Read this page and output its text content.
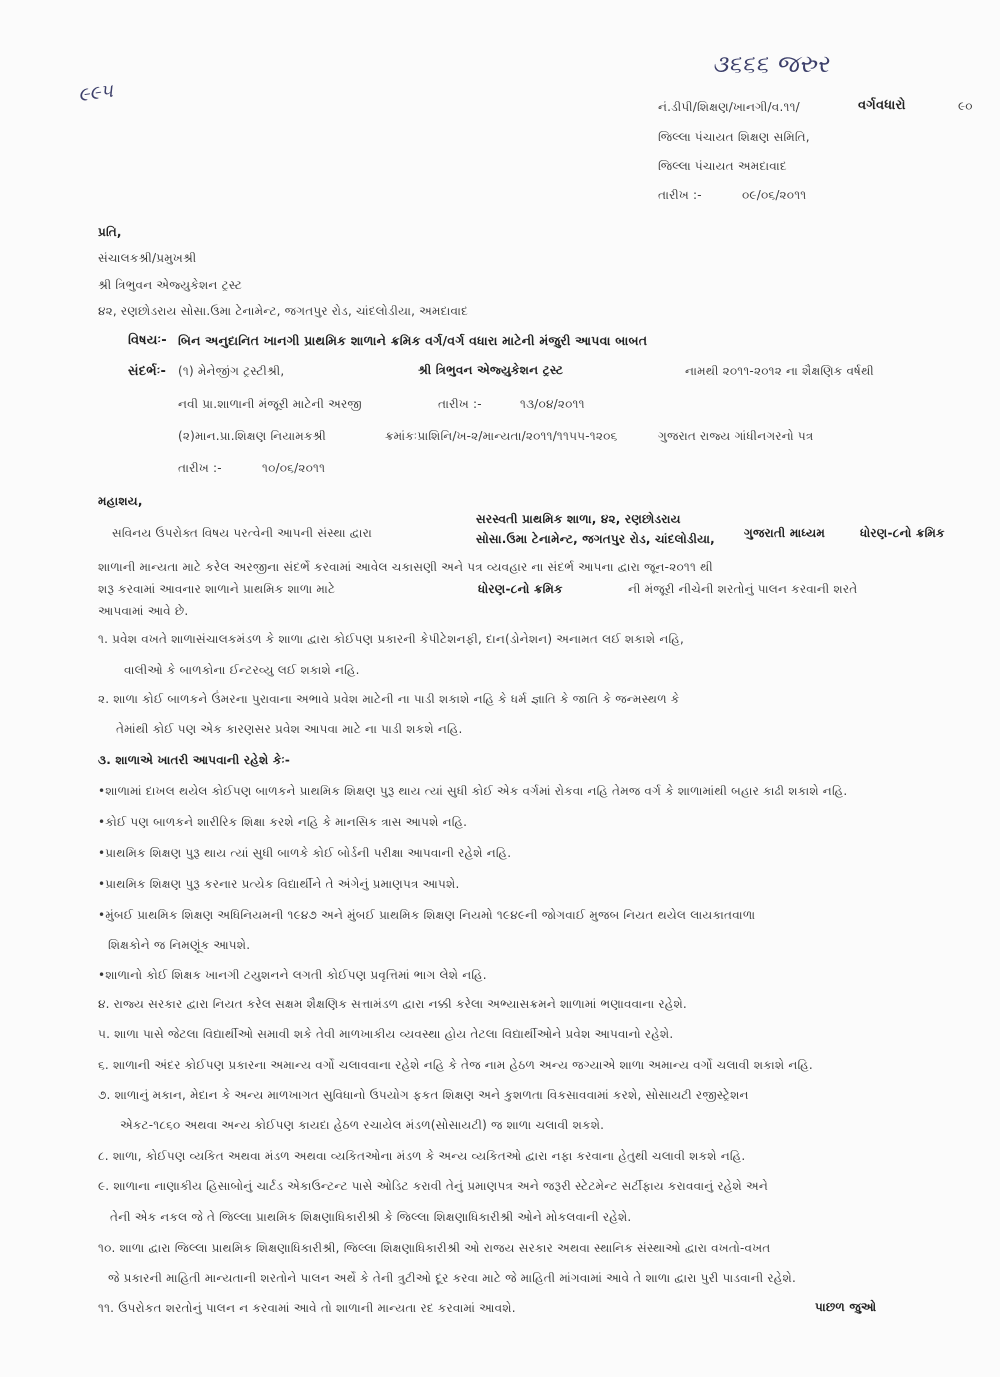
૩૬૬૬ જરુર
૯૯૫
નં.ડીપી/શિક્ષણ/ખાનગી/વ.૧૧/	વર્ગવધારો	૯૦
જિલ્લા પંચાયત શિક્ષણ સમિતિ,
જિલ્લા પંચાયત અમદાવાદ
તારીખ :-	૦૯/૦૬/૨૦૧૧
પ્રતિ,
સંચાલકશ્રી/પ્રમુખશ્રી
શ્રી ત્રિભુવન એજ્યુકેશન ટ્રસ્ટ
૪૨, રણછોડરાય સોસા.ઉમા ટેનામેન્ટ, જગતપુર રોડ, ચાંદલોડીયા, અમદાવાદ
વિષયઃ- બિન અનુદાનિત ખાનગી પ્રાથમિક શાળાને ક્રમિક વર્ગ/વર્ગ વધારા માટેની મંજુરી આપવા બાબત
સંદર્ભઃ- (૧) મેનેજીંગ ટ્રસ્ટીશ્રી,	શ્રી ત્રિભુવન એજ્યુકેશન ટ્રસ્ટ	નામથી ૨૦૧૧-૨૦૧૨ ના શૈક્ષણિક વર્ષથી
નવી પ્રા.શાળાની મંજૂરી માટેની અરજી	તારીખ :-	૧૩/૦૪/૨૦૧૧
(૨)માન.પ્રા.શિક્ષણ નિયામકશ્રી	ક્રમાંકઃપ્રાશિનિ/ખ-૨/માન્યતા/૨૦૧૧/૧૧૫૫-૧૨૦૬	ગુજરાત રાજ્ય ગાંધીનગરનો પત્ર
તારીખ :-	૧૦/૦૬/૨૦૧૧
મહાશય,
સવિનય ઉપરોક્ત વિષય પરત્વેની આપની સંસ્થા દ્વારા
સરસ્વતી પ્રાથમિક શાળા, ૪૨, રણછોડરાય
સોસા.ઉમા ટેનામેન્ટ, જગતપુર રોડ, ચાંદલોડીયા, ગુજરાતી માધ્યમ	ધોરણ-૮નો ક્રમિક
શાળાની માન્યતા માટે કરેલ અરજીના સંદર્ભે કરવામાં આવેલ ચકાસણી અને પત્ર વ્યવહાર ના સંદર્ભ આપના દ્વારા જૂન-૨૦૧૧ થી
શરૂ કરવામાં આવનાર શાળાને પ્રાથમિક શાળા માટે	ધોરણ-૮નો ક્રમિક	ની મંજૂરી નીચેની શરતોનું પાલન કરવાની શરતે
આપવામાં આવે છે.
૧. પ્રવેશ વખતે શાળાસંચાલકમંડળ કે શાળા દ્વારા કોઈપણ પ્રકારની કેપીટેશનફી, દાન(ડોનેશન) અનામત લઈ શકાશે નહિ,
વાલીઓ કે બાળકોના ઈન્ટરવ્યુ લઈ શકાશે નહિ.
૨. શાળા કોઈ બાળકને ઉંમરના પુરાવાના અભાવે પ્રવેશ માટેની ના પાડી શકાશે નહિ કે ધર્મ જ્ઞાતિ કે જાતિ કે જન્મસ્થળ કે
તેમાંથી કોઈ પણ એક કારણસર પ્રવેશ આપવા માટે ના પાડી શકશે નહિ.
૩. શાળાએ ખાતરી આપવાની રહેશે કેઃ-
•શાળામાં દાખલ થયેલ કોઈપણ બાળકને પ્રાથમિક શિક્ષણ પુરૂ થાય ત્યાં સુધી કોઈ એક વર્ગમાં રોકવા નહિ તેમજ વર્ગ કે શાળામાંથી બહાર કાઢી શકાશે નહિ.
•કોઈ પણ બાળકને શારીરિક શિક્ષા કરશે નહિ કે માનસિક ત્રાસ આપશે નહિ.
•પ્રાથમિક શિક્ષણ પુરૂ થાય ત્યાં સુધી બાળકે કોઈ બોર્ડની પરીક્ષા આપવાની રહેશે નહિ.
•પ્રાથમિક શિક્ષણ પુરૂ કરનાર પ્રત્યેક વિદ્યાર્થીને તે અંગેનું પ્રમાણપત્ર આપશે.
•મુંબઈ પ્રાથમિક શિક્ષણ અધિનિયમની ૧૯૪૭ અને મુંબઈ પ્રાથમિક શિક્ષણ નિયમો ૧૯૪૯ની જોગવાઈ મુજબ નિયત થયેલ લાયકાતવાળા
શિક્ષકોને જ નિમણૂંક આપશે.
•શાળાનો કોઈ શિક્ષક ખાનગી ટયુશનને લગતી કોઈપણ પ્રવૃત્તિમાં ભાગ લેશે નહિ.
૪. રાજ્ય સરકાર દ્વારા નિયત કરેલ સક્ષમ શૈક્ષણિક સત્તામંડળ દ્વારા નક્કી કરેલા અભ્યાસક્રમને શાળામાં ભણાવવાના રહેશે.
૫. શાળા પાસે જેટલા વિદ્યાર્થીઓ સમાવી શકે તેવી માળખાકીય વ્યવસ્થા હોય તેટલા વિદ્યાર્થીઓને પ્રવેશ આપવાનો રહેશે.
૬. શાળાની અંદર કોઈપણ પ્રકારના અમાન્ય વર્ગો ચલાવવાના રહેશે નહિ કે તેજ નામ હેઠળ અન્ય જગ્યાએ શાળા અમાન્ય વર્ગો ચલાવી શકાશે નહિ.
૭. શાળાનું મકાન, મેદાન કે અન્ય માળખાગત સુવિધાનો ઉપયોગ ફકત શિક્ષણ અને કુશળતા વિકસાવવામાં કરશે, સોસાયટી રજીસ્ટ્રેશન
એકટ-૧૮૬૦ અથવા અન્ય કોઈપણ કાયદા હેઠળ રચાયેલ મંડળ(સોસાયટી) જ શાળા ચલાવી શકશે.
૮. શાળા, કોઈપણ વ્યકિત અથવા મંડળ અથવા વ્યકિતઓના મંડળ કે અન્ય વ્યકિતઓ દ્વારા નફા કરવાના હેતુથી ચલાવી શકશે નહિ.
૯. શાળાના નાણાકીય હિસાબોનું ચાર્ટડ એકાઉન્ટન્ટ પાસે ઓડિટ કરાવી તેનું પ્રમાણપત્ર અને જરૂરી સ્ટેટમેન્ટ સર્ટીફાય કરાવવાનું રહેશે અને
તેની એક નકલ જે તે જિલ્લા પ્રાથમિક શિક્ષણાધિકારીશ્રી કે જિલ્લા શિક્ષણાધિકારીશ્રી ઓને મોકલવાની રહેશે.
૧૦. શાળા દ્વારા જિલ્લા પ્રાથમિક શિક્ષણાધિકારીશ્રી, જિલ્લા શિક્ષણાધિકારીશ્રી ઓ રાજય સરકાર અથવા સ્થાનિક સંસ્થાઓ દ્વારા વખતો-વખત
જે પ્રકારની માહિતી માન્યતાની શરતોને પાલન અર્થે કે તેની ત્રુટીઓ દૂર કરવા માટે જે માહિતી માંગવામાં આવે તે શાળા દ્વારા પુરી પાડવાની રહેશે.
૧૧. ઉપરોકત શરતોનું પાલન ન કરવામાં આવે તો શાળાની માન્યતા રદ કરવામાં આવશે.	પાછળ જુઓ
